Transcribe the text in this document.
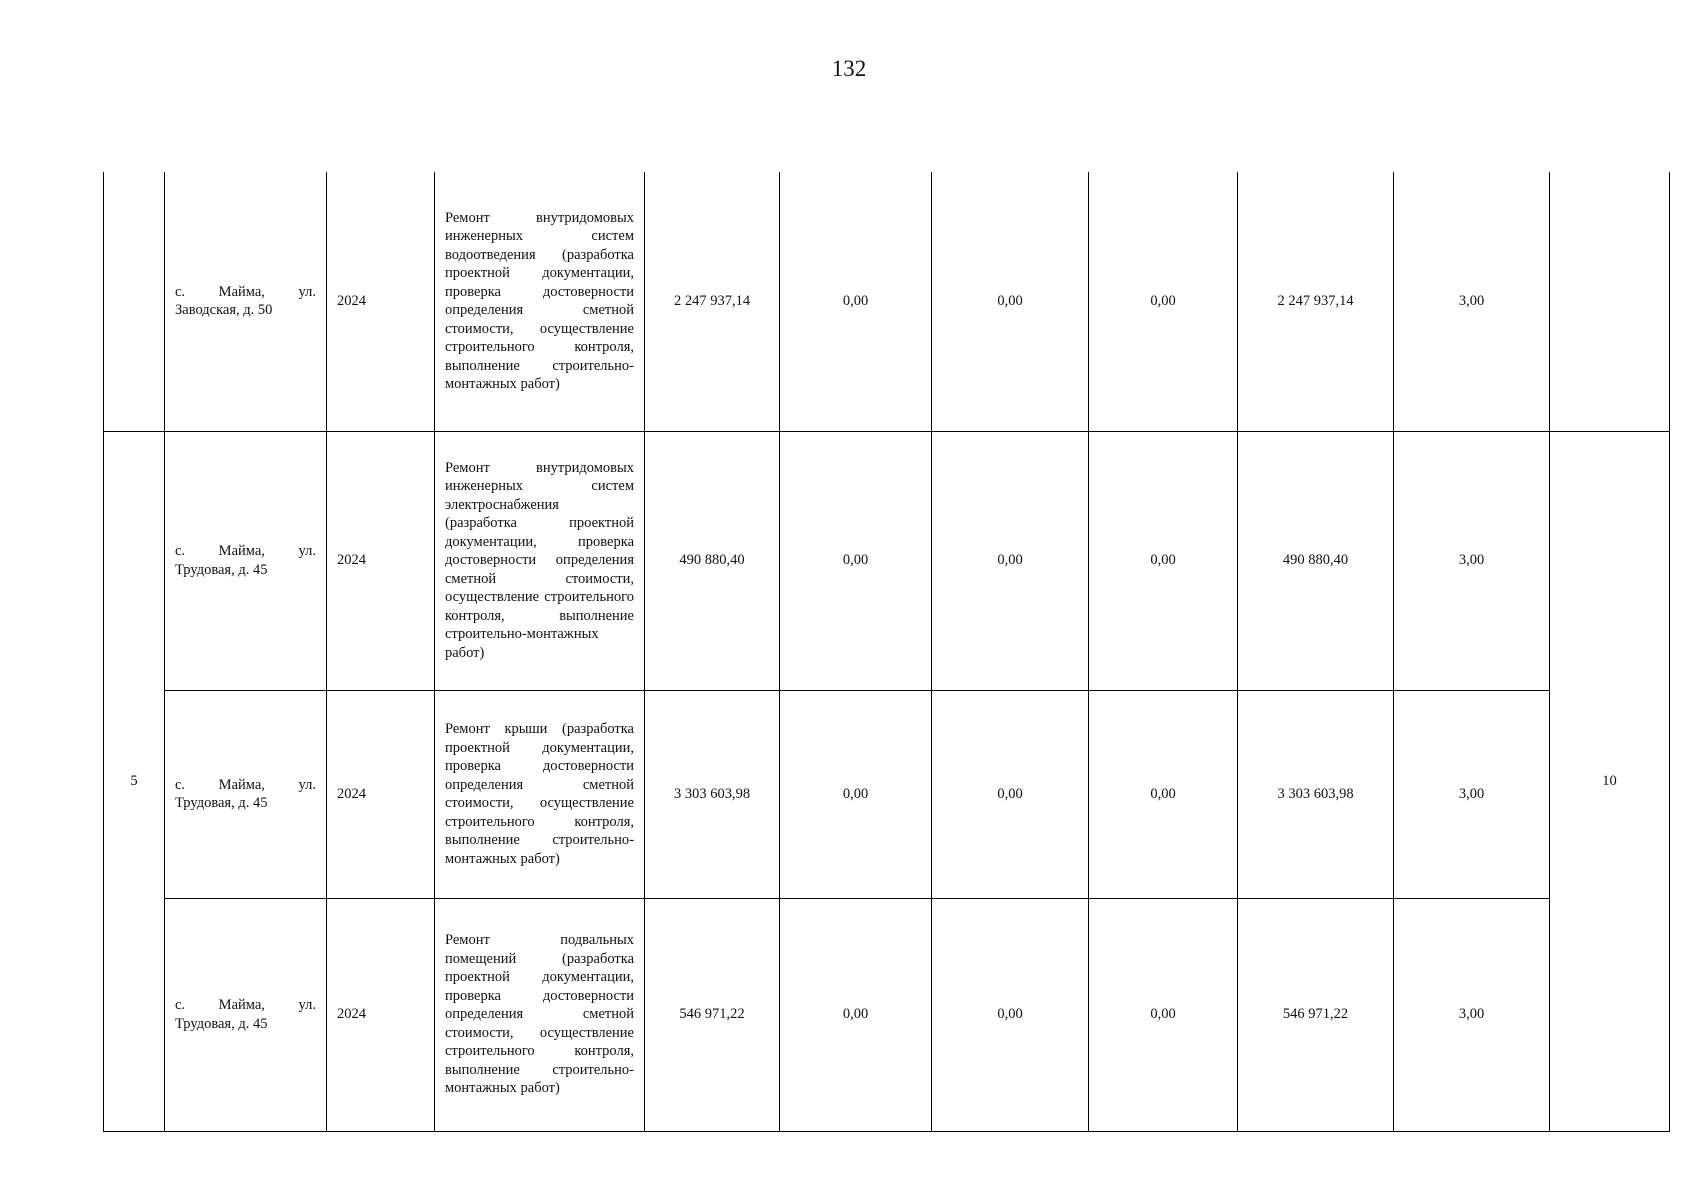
132
	с. Майма, ул. Заводская, д. 50	2024	Ремонт внутридомовых инженерных систем водоотведения (разработка проектной документации, проверка достоверности определения сметной стоимости, осуществление строительного контроля, выполнение строительно-монтажных работ)	2 247 937,14	0,00	0,00	0,00	2 247 937,14	3,00	
5	с. Майма, ул. Трудовая, д. 45	2024	Ремонт внутридомовых инженерных систем электроснабжения (разработка проектной документации, проверка достоверности определения сметной стоимости, осуществление строительного контроля, выполнение строительно-монтажных работ)	490 880,40	0,00	0,00	0,00	490 880,40	3,00	10
	с. Майма, ул. Трудовая, д. 45	2024	Ремонт крыши (разработка проектной документации, проверка достоверности определения сметной стоимости, осуществление строительного контроля, выполнение строительно-монтажных работ)	3 303 603,98	0,00	0,00	0,00	3 303 603,98	3,00	
	с. Майма, ул. Трудовая, д. 45	2024	Ремонт подвальных помещений (разработка проектной документации, проверка достоверности определения сметной стоимости, осуществление строительного контроля, выполнение строительно-монтажных работ)	546 971,22	0,00	0,00	0,00	546 971,22	3,00	
